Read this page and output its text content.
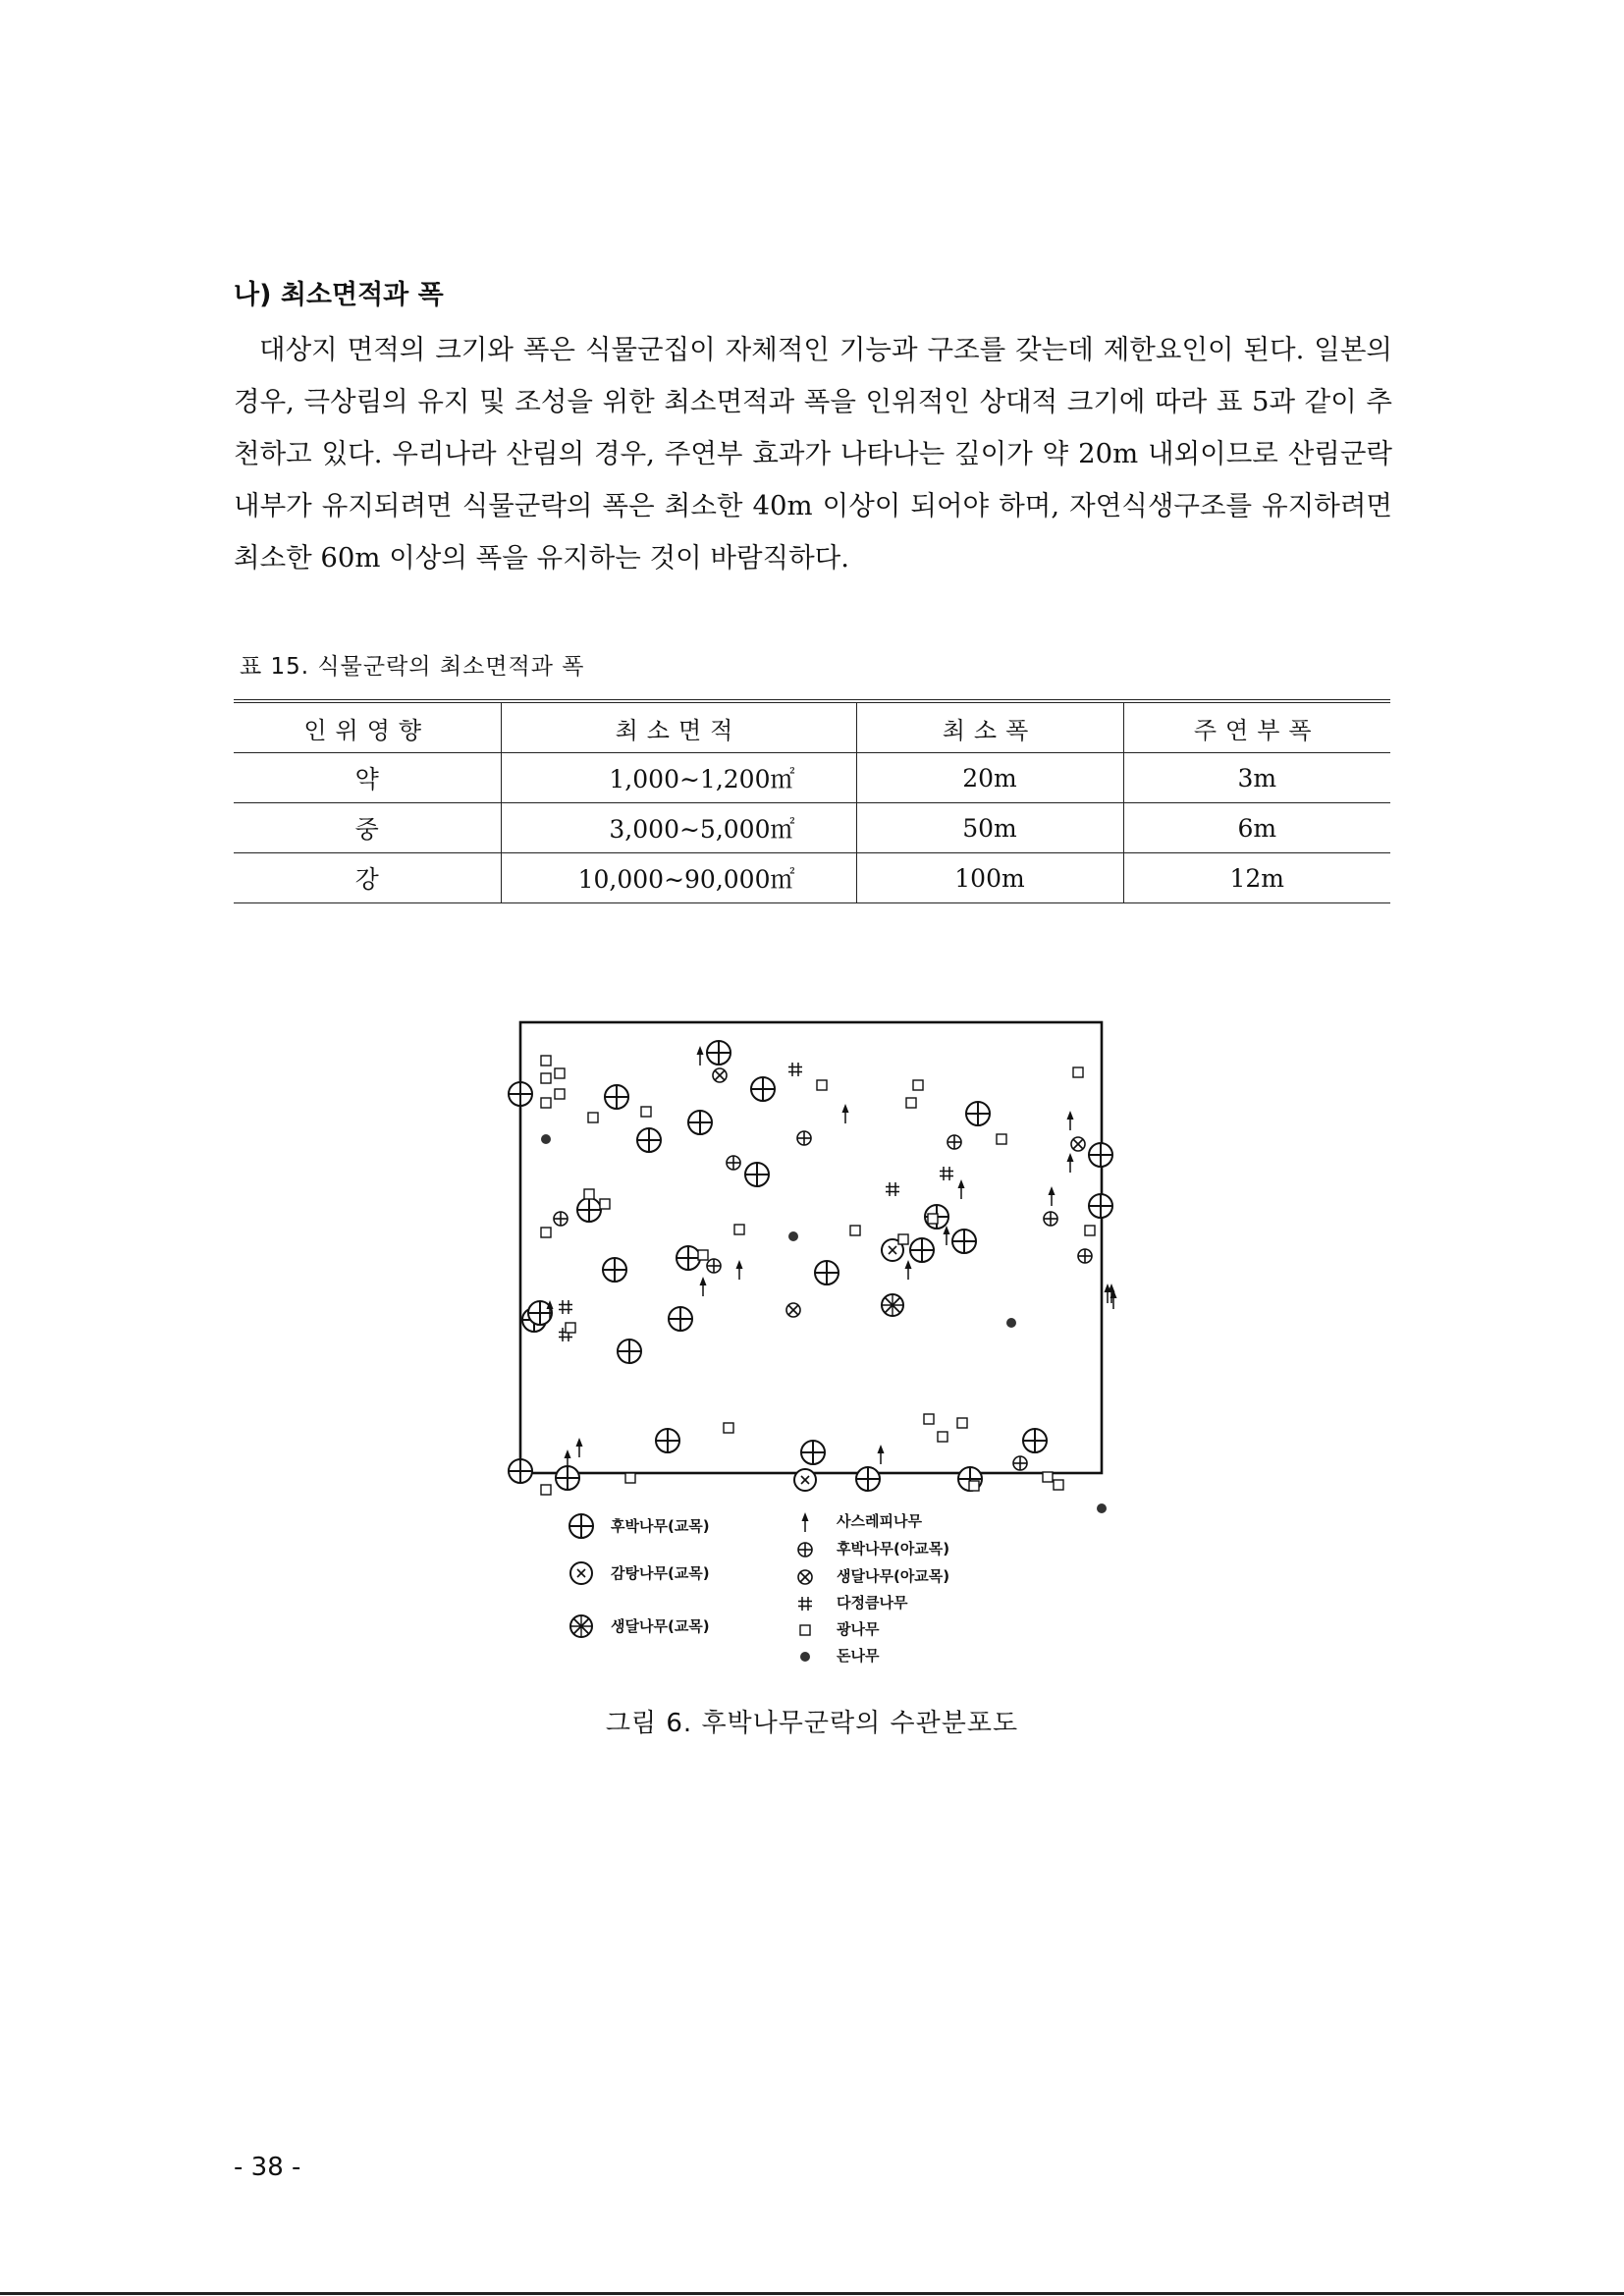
나) 최소면적과 폭

대상지 면적의 크기와 폭은 식물군집이 자체적인 기능과 구조를 갖는데 제한요인이 된다. 일본의 경우, 극상림의 유지 및 조성을 위한 최소면적과 폭을 인위적인 상대적 크기에 따라 표 5과 같이 추천하고 있다. 우리나라 산림의 경우, 주연부 효과가 나타나는 깊이가 약 20m 내외이므로 산림군락 내부가 유지되려면 식물군락의 폭은 최소한 40m 이상이 되어야 하며, 자연식생구조를 유지하려면 최소한 60m 이상의 폭을 유지하는 것이 바람직하다.

표 15. 식물군락의 최소면적과 폭
인위영향	최소면적	최소폭	주연부폭
약	1,000∼1,200㎡	20m	3m
중	3,000∼5,000㎡	50m	6m
강	10,000∼90,000㎡	100m	12m
후박나무(교목)
감탕나무(교목)
생달나무(교목)
사스레피나무
후박나무(아교목)
생달나무(아교목)
다정큼나무
광나무
돈나무
그림 6. 후박나무군락의 수관분포도
- 38 -
